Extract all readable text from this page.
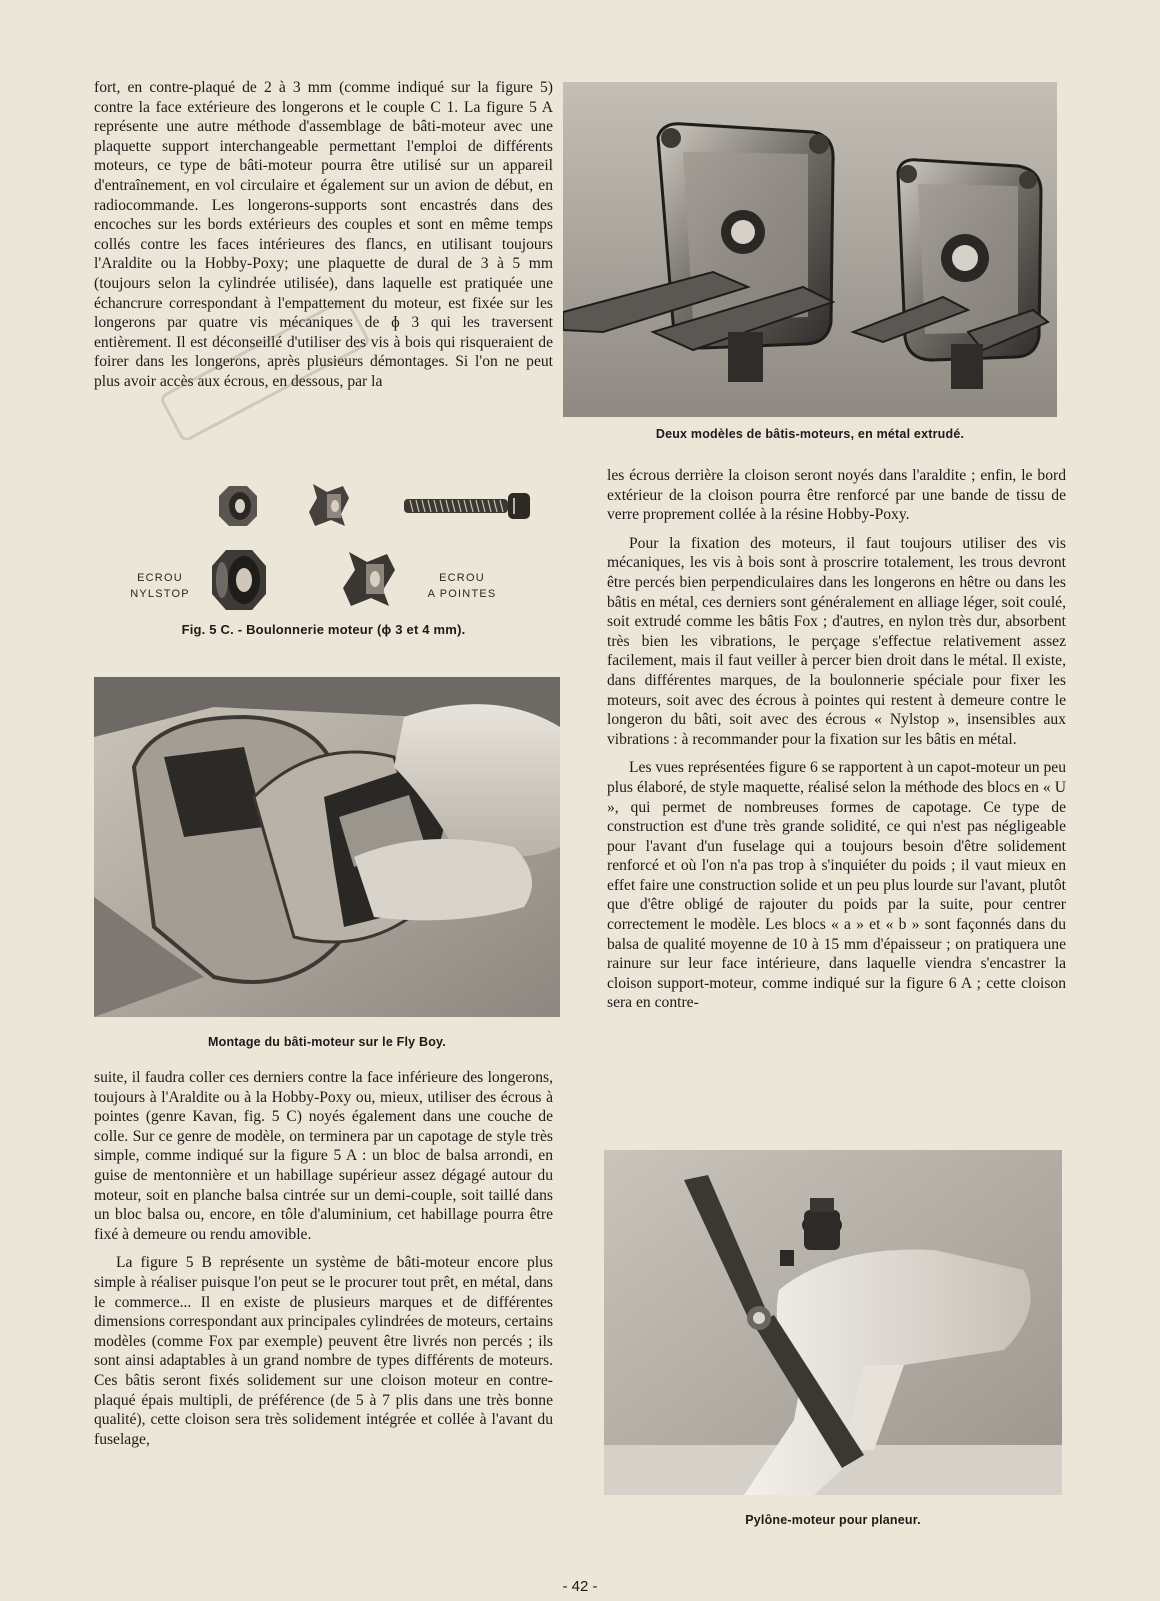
fort, en contre-plaqué de 2 à 3 mm (comme indiqué sur la figure 5) contre la face extérieure des longerons et le couple C 1. La figure 5 A représente une autre méthode d'assemblage de bâti-moteur avec une plaquette support interchangeable permettant l'emploi de différents moteurs, ce type de bâti-moteur pourra être utilisé sur un appareil d'entraînement, en vol circulaire et également sur un avion de début, en radiocommande. Les longerons-supports sont encastrés dans des encoches sur les bords extérieurs des couples et sont en même temps collés contre les faces intérieures des flancs, en utilisant toujours l'Araldite ou la Hobby-Poxy; une plaquette de dural de 3 à 5 mm (toujours selon la cylindrée utilisée), dans laquelle est pratiquée une échancrure correspondant à l'empattement du moteur, est fixée sur les longerons par quatre vis mécaniques de ɸ 3 qui les traversent entièrement. Il est déconseillé d'utiliser des vis à bois qui risqueraient de foirer dans les longerons, après plusieurs démontages. Si l'on ne peut plus avoir accès aux écrous, en dessous, par la

ECROU
NYLSTOP
ECROU
A POINTES
Fig. 5 C. - Boulonnerie moteur (ɸ 3 et 4 mm).
Montage du bâti-moteur sur le Fly Boy.

suite, il faudra coller ces derniers contre la face inférieure des longerons, toujours à l'Araldite ou à la Hobby-Poxy ou, mieux, utiliser des écrous à pointes (genre Kavan, fig. 5 C) noyés également dans une couche de colle. Sur ce genre de modèle, on terminera par un capotage de style très simple, comme indiqué sur la figure 5 A : un bloc de balsa arrondi, en guise de mentonnière et un habillage supérieur assez dégagé autour du moteur, soit en planche balsa cintrée sur un demi-couple, soit taillé dans un bloc balsa ou, encore, en tôle d'aluminium, cet habillage pourra être fixé à demeure ou rendu amovible.

La figure 5 B représente un système de bâti-moteur encore plus simple à réaliser puisque l'on peut se le procurer tout prêt, en métal, dans le commerce... Il en existe de plusieurs marques et de différentes dimensions correspondant aux principales cylindrées de moteurs, certains modèles (comme Fox par exemple) peuvent être livrés non percés ; ils sont ainsi adaptables à un grand nombre de types différents de moteurs. Ces bâtis seront fixés solidement sur une cloison moteur en contre-plaqué épais multipli, de préférence (de 5 à 7 plis dans une très bonne qualité), cette cloison sera très solidement intégrée et collée à l'avant du fuselage,

Deux modèles de bâtis-moteurs, en métal extrudé.

les écrous derrière la cloison seront noyés dans l'araldite ; enfin, le bord extérieur de la cloison pourra être renforcé par une bande de tissu de verre proprement collée à la résine Hobby-Poxy.

Pour la fixation des moteurs, il faut toujours utiliser des vis mécaniques, les vis à bois sont à proscrire totalement, les trous devront être percés bien perpendiculaires dans les longerons en hêtre ou dans les bâtis en métal, ces derniers sont généralement en alliage léger, soit coulé, soit extrudé comme les bâtis Fox ; d'autres, en nylon très dur, absorbent très bien les vibrations, le perçage s'effectue relativement assez facilement, mais il faut veiller à percer bien droit dans le métal. Il existe, dans différentes marques, de la boulonnerie spéciale pour fixer les moteurs, soit avec des écrous à pointes qui restent à demeure contre le longeron du bâti, soit avec des écrous « Nylstop », insensibles aux vibrations : à recommander pour la fixation sur les bâtis en métal.

Les vues représentées figure 6 se rapportent à un capot-moteur un peu plus élaboré, de style maquette, réalisé selon la méthode des blocs en « U », qui permet de nombreuses formes de capotage. Ce type de construction est d'une très grande solidité, ce qui n'est pas négligeable pour l'avant d'un fuselage qui a toujours besoin d'être solidement renforcé et où l'on n'a pas trop à s'inquiéter du poids ; il vaut mieux en effet faire une construction solide et un peu plus lourde sur l'avant, plutôt que d'être obligé de rajouter du poids par la suite, pour centrer correctement le modèle. Les blocs « a » et « b » sont façonnés dans du balsa de qualité moyenne de 10 à 15 mm d'épaisseur ; on pratiquera une rainure sur leur face intérieure, dans laquelle viendra s'encastrer la cloison support-moteur, comme indiqué sur la figure 6 A ; cette cloison sera en contre-

Pylône-moteur pour planeur.
- 42 -
